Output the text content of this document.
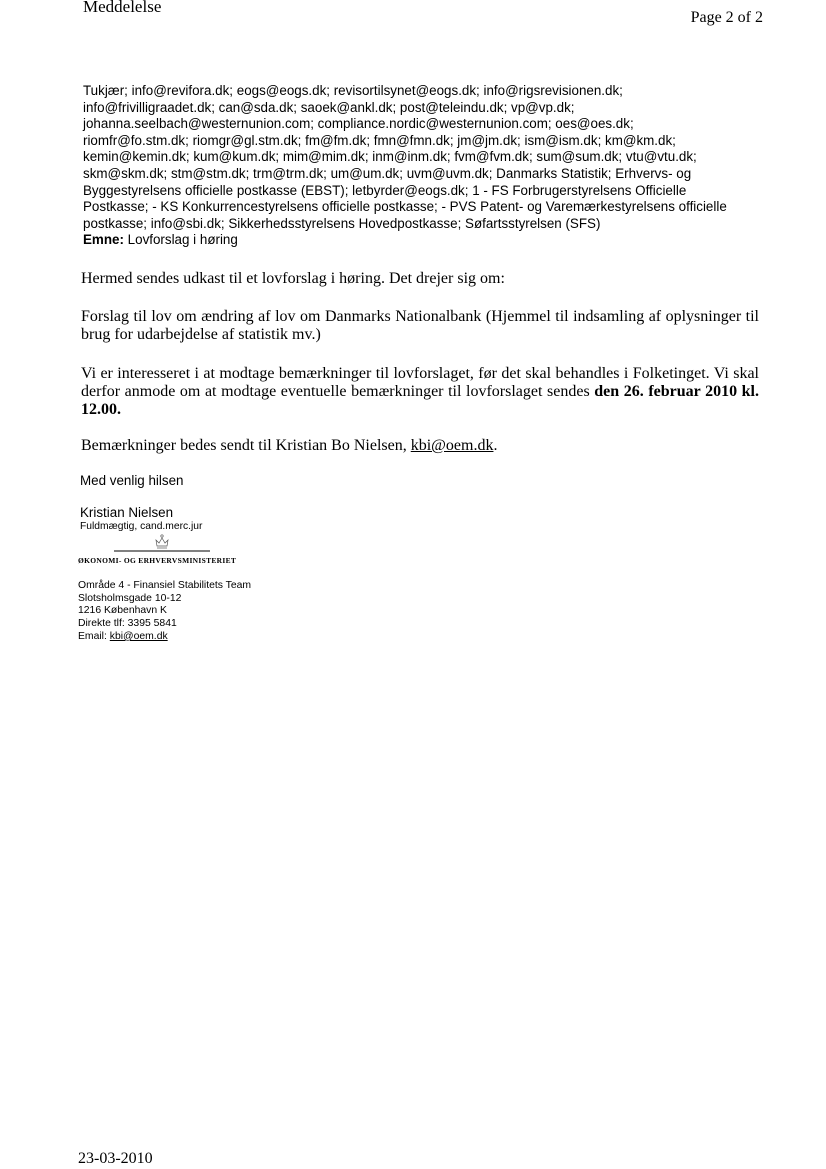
Meddelelse
Page 2 of 2
Tukjær; info@revifora.dk; eogs@eogs.dk; revisortilsynet@eogs.dk; info@rigsrevisionen.dk;
info@frivilligraadet.dk; can@sda.dk; saoek@ankl.dk; post@teleindu.dk; vp@vp.dk;
johanna.seelbach@westernunion.com; compliance.nordic@westernunion.com; oes@oes.dk;
riomfr@fo.stm.dk; riomgr@gl.stm.dk; fm@fm.dk; fmn@fmn.dk; jm@jm.dk; ism@ism.dk; km@km.dk;
kemin@kemin.dk; kum@kum.dk; mim@mim.dk; inm@inm.dk; fvm@fvm.dk; sum@sum.dk; vtu@vtu.dk;
skm@skm.dk; stm@stm.dk; trm@trm.dk; um@um.dk; uvm@uvm.dk; Danmarks Statistik; Erhvervs- og
Byggestyrelsens officielle postkasse (EBST); letbyrder@eogs.dk; 1 - FS Forbrugerstyrelsens Officielle
Postkasse; - KS Konkurrencestyrelsens officielle postkasse; - PVS Patent- og Varemærkestyrelsens officielle
postkasse; info@sbi.dk; Sikkerhedsstyrelsens Hovedpostkasse; Søfartsstyrelsen (SFS)
Emne: Lovforslag i høring
Hermed sendes udkast til et lovforslag i høring. Det drejer sig om:
Forslag til lov om ændring af lov om Danmarks Nationalbank (Hjemmel til indsamling af oplysninger til brug for udarbejdelse af statistik mv.)
Vi er interesseret i at modtage bemærkninger til lovforslaget, før det skal behandles i Folketinget. Vi skal derfor anmode om at modtage eventuelle bemærkninger til lovforslaget sendes den 26. februar 2010 kl. 12.00.
Bemærkninger bedes sendt til Kristian Bo Nielsen, kbi@oem.dk.
Med venlig hilsen
Kristian Nielsen
Fuldmægtig, cand.merc.jur
ØKONOMI- OG ERHVERVSMINISTERIET
Område 4 - Finansiel Stabilitets Team
Slotsholmsgade 10-12
1216 København K
Direkte tlf: 3395 5841
Email: kbi@oem.dk
23-03-2010
